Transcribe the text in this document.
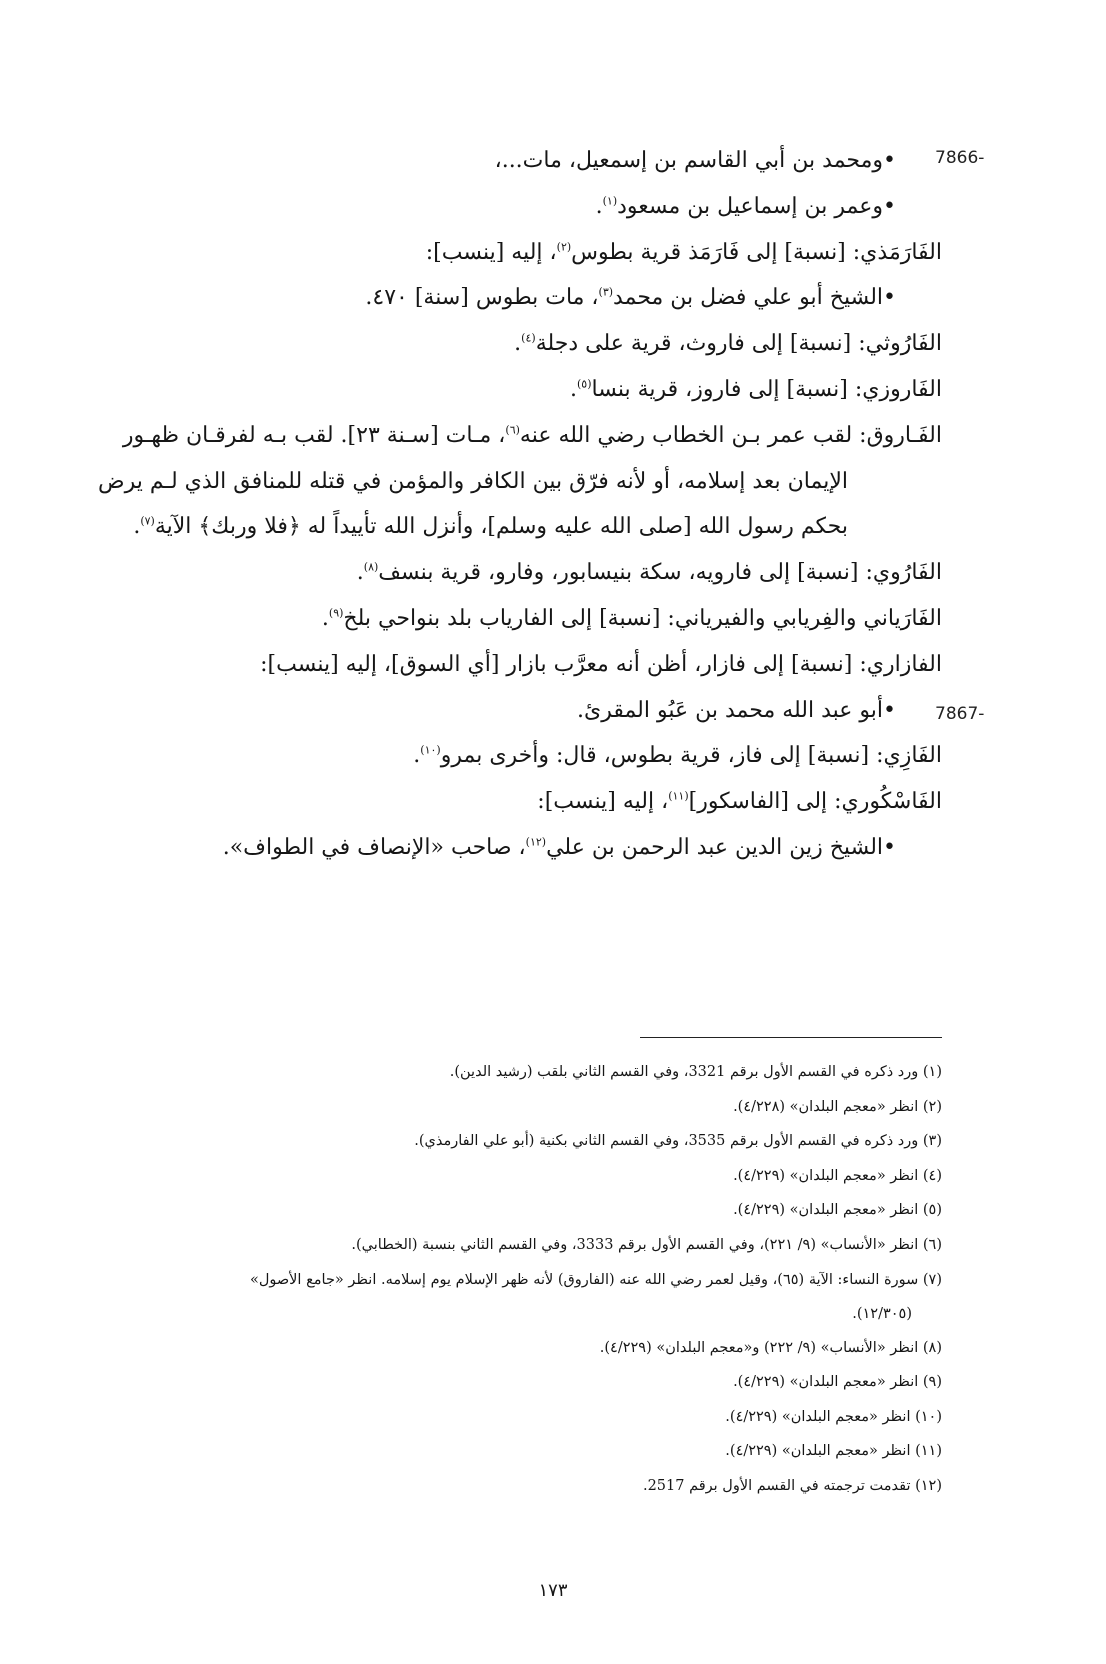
7866-
7867-
•ومحمد بن أبي القاسم بن إسمعيل، مات...،
•وعمر بن إسماعيل بن مسعود$^{(١)}$.
الفَارَمَذي: [نسبة] إلى فَارَمَذ قرية بطوس$^{(٢)}$، إليه [ينسب]:
•الشيخ أبو علي فضل بن محمد$^{(٣)}$، مات بطوس [سنة] ٤٧٠.
الفَارُوثي: [نسبة] إلى فاروث، قرية على دجلة$^{(٤)}$.
الفَاروزي: [نسبة] إلى فاروز، قرية بنسا$^{(٥)}$.
الفَـاروق: لقب عمر بـن الخطاب رضي الله عنه$^{(٦)}$، مـات [سـنة ٢٣]. لقب بـه لفرقـان ظهـور
الإيمان بعد إسلامه، أو لأنه فرّق بين الكافر والمؤمن في قتله للمنافق الذي لـم يرض
بحكم رسول الله [صلى الله عليه وسلم]، وأنزل الله تأييداً له ﴿فلا وربك﴾ الآية$^{(٧)}$.
الفَارُوي: [نسبة] إلى فارويه، سكة بنيسابور، وفارو، قرية بنسف$^{(٨)}$.
الفَارَياني والفِريابي والفيرياني: [نسبة] إلى الفارياب بلد بنواحي بلخ$^{(٩)}$.
الفازاري: [نسبة] إلى فازار، أظن أنه معرَّب بازار [أي السوق]، إليه [ينسب]:
•أبو عبد الله محمد بن عَبُو المقرئ.
الفَازِي: [نسبة] إلى فاز، قرية بطوس، قال: وأخرى بمرو$^{(١٠)}$.
الفَاسْكُوري: إلى [الفاسكور]$^{(١١)}$، إليه [ينسب]:
•الشيخ زين الدين عبد الرحمن بن علي$^{(١٢)}$، صاحب «الإنصاف في الطواف».
(١) ورد ذكره في القسم الأول برقم 3321، وفي القسم الثاني بلقب (رشيد الدين).
(٢) انظر «معجم البلدان» (٤/٢٢٨).
(٣) ورد ذكره في القسم الأول برقم 3535، وفي القسم الثاني بكنية (أبو علي الفارمذي).
(٤) انظر «معجم البلدان» (٤/٢٢٩).
(٥) انظر «معجم البلدان» (٤/٢٢٩).
(٦) انظر «الأنساب» (٩/ ٢٢١)، وفي القسم الأول برقم 3333، وفي القسم الثاني بنسبة (الخطابي).
(٧) سورة النساء: الآية (٦٥)، وقيل لعمر رضي الله عنه (الفاروق) لأنه ظهر الإسلام يوم إسلامه. انظر «جامع الأصول»
(١٢/٣٠٥).
(٨) انظر «الأنساب» (٩/ ٢٢٢) و«معجم البلدان» (٤/٢٢٩).
(٩) انظر «معجم البلدان» (٤/٢٢٩).
(١٠) انظر «معجم البلدان» (٤/٢٢٩).
(١١) انظر «معجم البلدان» (٤/٢٢٩).
(١٢) تقدمت ترجمته في القسم الأول برقم 2517.
١٧٣
